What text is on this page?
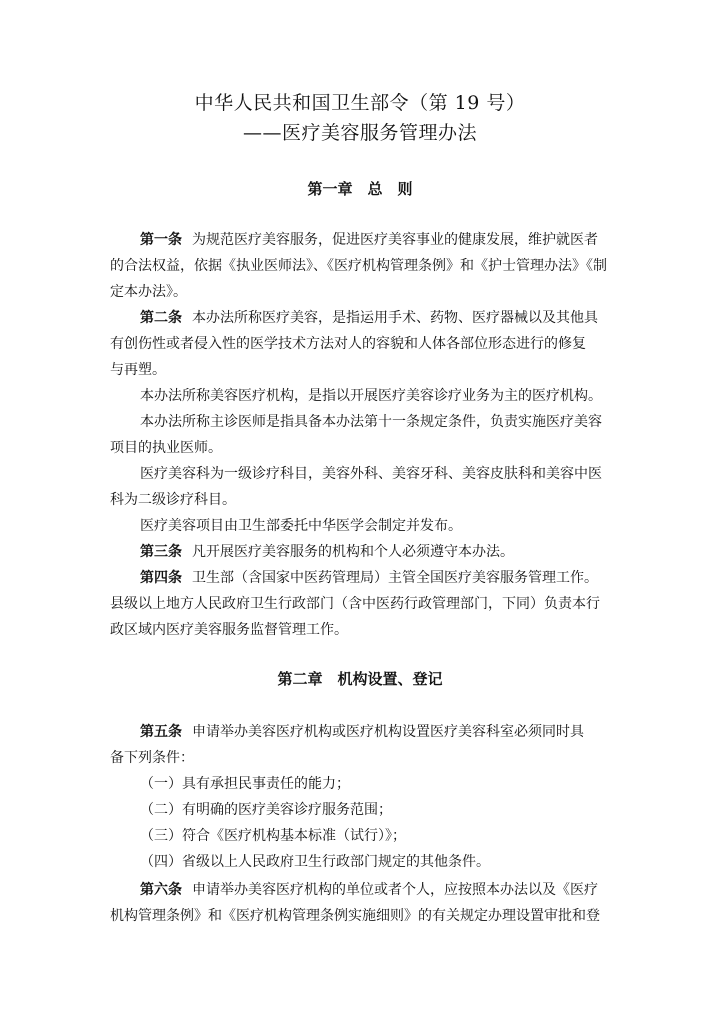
中华人民共和国卫生部令（第 19 号）
——医疗美容服务管理办法
第一章　总　则
第一条 为规范医疗美容服务，促进医疗美容事业的健康发展，维护就医者
的合法权益，依据《执业医师法》、《医疗机构管理条例》和《护士管理办法》《制
定本办法》。
第二条 本办法所称医疗美容，是指运用手术、药物、医疗器械以及其他具
有创伤性或者侵入性的医学技术方法对人的容貌和人体各部位形态进行的修复
与再塑。
本办法所称美容医疗机构，是指以开展医疗美容诊疗业务为主的医疗机构。
本办法所称主诊医师是指具备本办法第十一条规定条件，负责实施医疗美容
项目的执业医师。
医疗美容科为一级诊疗科目，美容外科、美容牙科、美容皮肤科和美容中医
科为二级诊疗科目。
医疗美容项目由卫生部委托中华医学会制定并发布。
第三条 凡开展医疗美容服务的机构和个人必须遵守本办法。
第四条 卫生部（含国家中医药管理局）主管全国医疗美容服务管理工作。
县级以上地方人民政府卫生行政部门（含中医药行政管理部门，下同）负责本行
政区域内医疗美容服务监督管理工作。
第二章　机构设置、登记
第五条 申请举办美容医疗机构或医疗机构设置医疗美容科室必须同时具
备下列条件：
（一）具有承担民事责任的能力；
（二）有明确的医疗美容诊疗服务范围；
（三）符合《医疗机构基本标准（试行）》；
（四）省级以上人民政府卫生行政部门规定的其他条件。
第六条 申请举办美容医疗机构的单位或者个人，应按照本办法以及《医疗
机构管理条例》和《医疗机构管理条例实施细则》的有关规定办理设置审批和登
